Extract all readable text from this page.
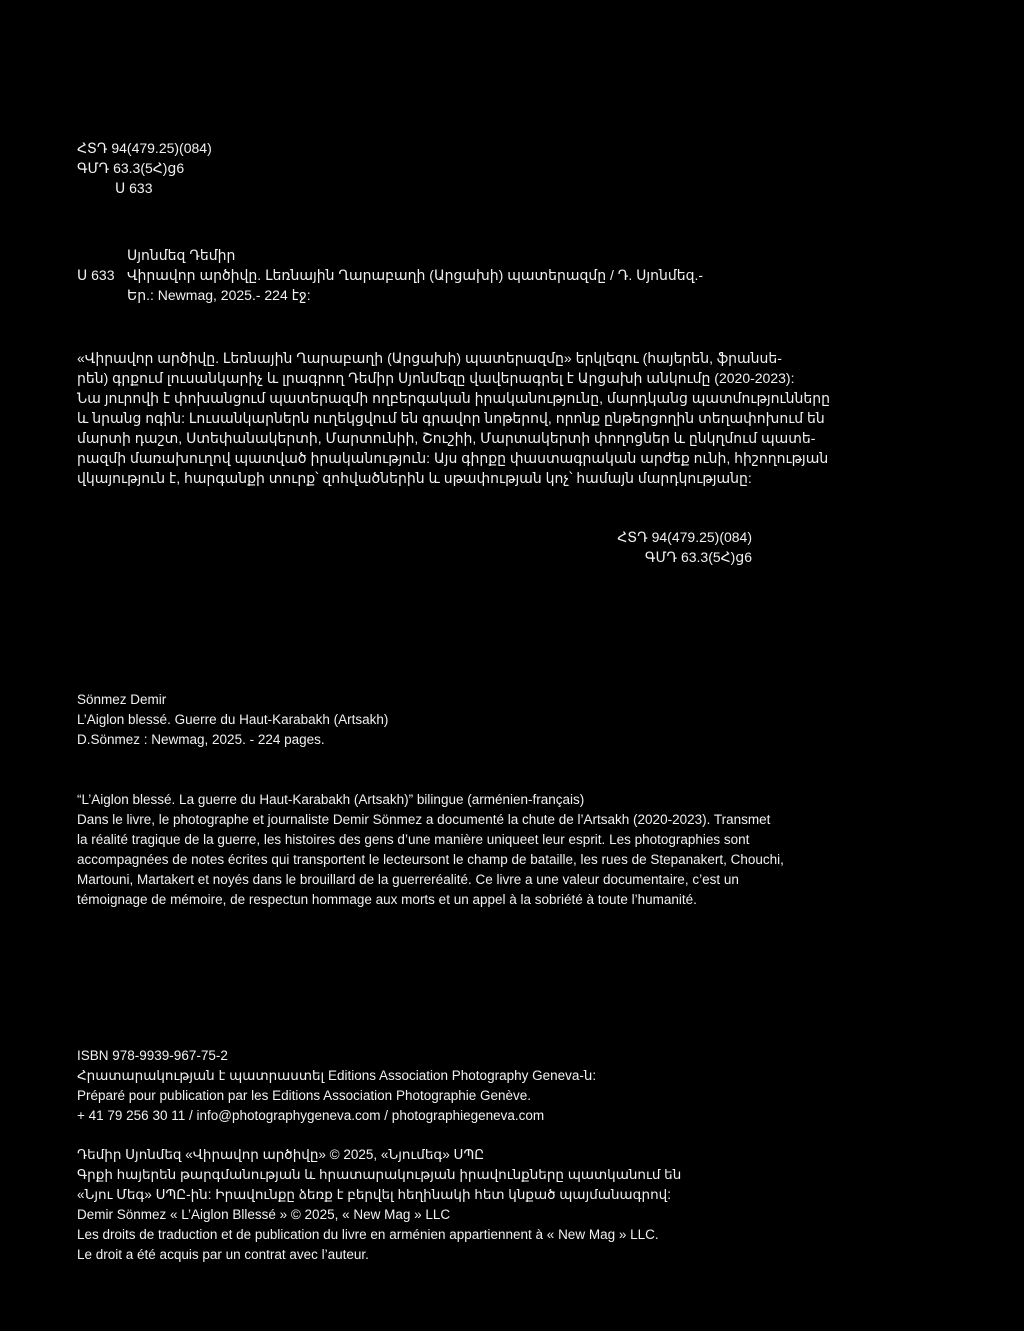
ՀՏԴ 94(479.25)(084)
ԳՄԴ 63.3(5Հ)ց6
Ս 633
Ս 633
Սյոնմեզ Դեմիր
Վիրավոր արծիվը. Լեռնային Ղարաբաղի (Արցախի) պատերազմը / Դ. Սյոնմեզ.-
Եր.: Newmag, 2025.- 224 էջ:
«Վիրավոր արծիվը. Լեռնային Ղարաբաղի (Արցախի) պատերազմը» երկլեզու (հայերեն, ֆրանսե-
րեն) գրքում լուսանկարիչ և լրագրող Դեմիր Սյոնմեզը վավերագրել է Արցախի անկումը (2020-2023):
Նա յուրովի է փոխանցում պատերազմի ողբերգական իրականությունը, մարդկանց պատմությունները
և նրանց ոգին: Լուսանկարներն ուղեկցվում են գրավոր նոթերով, որոնք ընթերցողին տեղափոխում են
մարտի դաշտ, Ստեփանակերտի, Մարտունիի, Շուշիի, Մարտակերտի փողոցներ և ընկղմում պատե-
րազմի մառախուղով պատված իրականություն: Այս գիրքը փաստագրական արժեք ունի, հիշողության
վկայություն է, հարգանքի տուրք՝ զոհվածներին և սթափության կոչ՝ համայն մարդկությանը:
ՀՏԴ 94(479.25)(084)
ԳՄԴ 63.3(5Հ)ց6
Sönmez Demir
L’Aiglon blessé. Guerre du Haut-Karabakh (Artsakh)
D.Sönmez : Newmag, 2025. - 224 pages.
“L’Aiglon blessé. La guerre du Haut-Karabakh (Artsakh)” bilingue (arménien-français)
Dans le livre, le photographe et journaliste Demir Sönmez a documenté la chute de l’Artsakh (2020-2023). Transmet
la réalité tragique de la guerre, les histoires des gens d’une manière uniqueet leur esprit. Les photographies sont
accompagnées de notes écrites qui transportent le lecteursont le champ de bataille, les rues de Stepanakert, Chouchi,
Martouni, Martakert et noyés dans le brouillard de la guerreréalité. Ce livre a une valeur documentaire, c’est un
témoignage de mémoire, de respectun hommage aux morts et un appel à la sobriété à toute l’humanité.
ISBN 978-9939-967-75-2
Հրատարակության է պատրաստել Editions Association Photography Geneva-ն:
Préparé pour publication par les Editions Association Photographie Genève.
+ 41 79 256 30 11 / info@photographygeneva.com / photographiegeneva.com
Դեմիր Սյոնմեզ «Վիրավոր արծիվը» © 2025, «Նյումեգ» ՍՊԸ
Գրքի հայերեն թարգմանության և հրատարակության իրավունքները պատկանում են
«Նյու Մեգ» ՍՊԸ-ին: Իրավունքը ձեռք է բերվել հեղինակի հետ կնքած պայմանագրով:
Demir Sönmez « L’Aiglon Bllessé » © 2025, « New Mag » LLC
Les droits de traduction et de publication du livre en arménien appartiennent à « New Mag » LLC.
Le droit a été acquis par un contrat avec l’auteur.
